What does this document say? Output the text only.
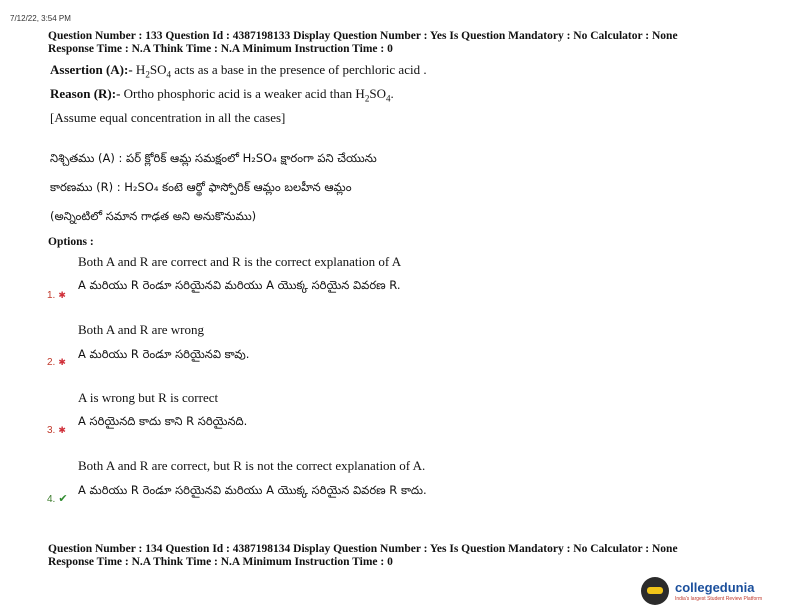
7/12/22, 3:54 PM
Question Number : 133 Question Id : 4387198133 Display Question Number : Yes Is Question Mandatory : No Calculator : None
Response Time : N.A Think Time : N.A Minimum Instruction Time : 0
Assertion (A):- $H_2SO_4$ acts as a base in the presence of perchloric acid .
Reason (R):- Ortho phosphoric acid is a weaker acid than $H_2SO_4$.
[Assume equal concentration in all the cases]
నిశ్చితము (A) : పర్ క్లోరిక్ ఆమ్ల సమక్షంలో H₂SO₄ క్షారంగా పని చేయును
కారణము (R) : H₂SO₄ కంటె ఆర్థో ఫాస్పోరిక్ ఆమ్లం బలహీన ఆమ్లం
(అన్నింటిలో సమాన గాఢత అని అనుకొనుము)
Options :
Both A and R are correct and R is the correct explanation of A
A మరియు R రెండూ సరియైనవి మరియు A యొక్క సరియైన వివరణ R.
1. ✱
Both A and R are wrong
A మరియు R రెండూ సరియైనవి కావు.
2. ✱
A is wrong but R is correct
A సరియైనది కాదు కాని R సరియైనది.
3. ✱
Both A and R are correct, but R is not the correct explanation of A.
A మరియు R రెండూ సరియైనవి మరియు A యొక్క సరియైన వివరణ R కాదు.
4. ✔
Question Number : 134 Question Id : 4387198134 Display Question Number : Yes Is Question Mandatory : No Calculator : None
Response Time : N.A Think Time : N.A Minimum Instruction Time : 0
collegedunia
India's largest Student Review Platform
